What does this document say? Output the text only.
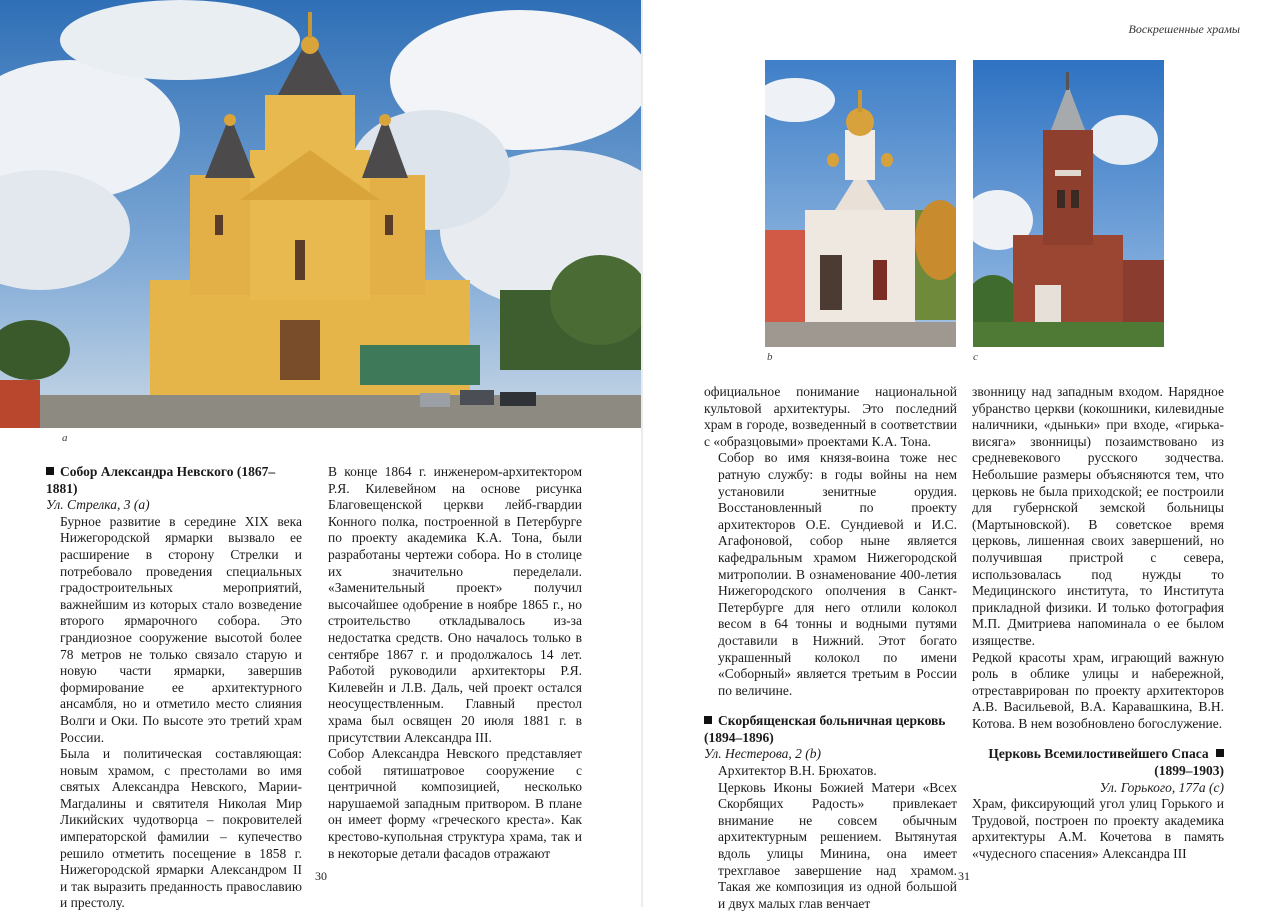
a

Собор Александра Невского (1867–1881)

Ул. Стрелка, 3 (a)

Бурное развитие в середине XIX века Нижегородской ярмарки вызвало ее расширение в сторону Стрелки и потребовало проведения специальных градостроительных мероприятий, важнейшим из которых стало возведение второго ярмарочного собора. Это грандиозное сооружение высотой более 78 метров не только связало старую и новую части ярмарки, завершив формирование ее архитектурного ансамбля, но и отметило место слияния Волги и Оки. По высоте это третий храм России.

Была и политическая составляющая: новым храмом, с престолами во имя святых Александра Невского, Марии-Магдалины и святителя Николая Мир Ликийских чудотворца – покровителей императорской фамилии – купечество решило отметить посещение в 1858 г. Нижегородской ярмарки Александром II и так выразить преданность православию и престолу.

В конце 1864 г. инженером-архитектором Р.Я. Килевейном на основе рисунка Благовещенской церкви лейб-гвардии Конного полка, построенной в Петербурге по проекту академика К.А. Тона, были разработаны чертежи собора. Но в столице их значительно переделали. «Заменительный проект» получил высочайшее одобрение в ноябре 1865 г., но строительство откладывалось из-за недостатка средств. Оно началось только в сентябре 1867 г. и продолжалось 14 лет. Работой руководили архитекторы Р.Я. Килевейн и Л.В. Даль, чей проект остался неосуществленным. Главный престол храма был освящен 20 июля 1881 г. в присутствии Александра III.

Собор Александра Невского представляет собой пятишатровое сооружение с центричной композицией, несколько нарушаемой западным притвором. В плане он имеет форму «греческого креста». Как крестово-купольная структура храма, так и в некоторые детали фасадов отражают

30
Воскрешенные храмы
b	c

официальное понимание национальной культовой архитектуры. Это последний храм в городе, возведенный в соответствии с «образцовыми» проектами К.А. Тона.

Собор во имя князя-воина тоже нес ратную службу: в годы войны на нем установили зенитные орудия. Восстановленный по проекту архитекторов О.Е. Сундиевой и И.С. Агафоновой, собор ныне является кафедральным храмом Нижегородской митрополии. В ознаменование 400-летия Нижегородского ополчения в Санкт-Петербурге для него отлили колокол весом в 64 тонны и водными путями доставили в Нижний. Этот богато украшенный колокол по имени «Соборный» является третьим в России по величине.

Скорбященская больничная церковь (1894–1896)

Ул. Нестерова, 2 (b)

Архитектор В.Н. Брюхатов.

Церковь Иконы Божией Матери «Всех Скорбящих Радость» привлекает внимание не совсем обычным архитектурным решением. Вытянутая вдоль улицы Минина, она имеет трехглавое завершение над храмом. Такая же композиция из одной большой и двух малых глав венчает

звонницу над западным входом. Нарядное убранство церкви (кокошники, килевидные наличники, «дыньки» при входе, «гирька-висяга» звонницы) позаимствовано из средневекового русского зодчества. Небольшие размеры объясняются тем, что церковь не была приходской; ее построили для губернской земской больницы (Мартыновской). В советское время церковь, лишенная своих завершений, но получившая пристрой с севера, использовалась под нужды то Медицинского института, то Института прикладной физики. И только фотография М.П. Дмитриева напоминала о ее былом изяществе.

Редкой красоты храм, играющий важную роль в облике улицы и набережной, отреставрирован по проекту архитекторов А.В. Васильевой, В.А. Каравашкина, В.Н. Котова. В нем возобновлено богослужение.

Церковь Всемилостивейшего Спаса

(1899–1903)

Ул. Горького, 177а (c)

Храм, фиксирующий угол улиц Горького и Трудовой, построен по проекту академика архитектуры А.М. Кочетова в память «чудесного спасения» Александра III

31
